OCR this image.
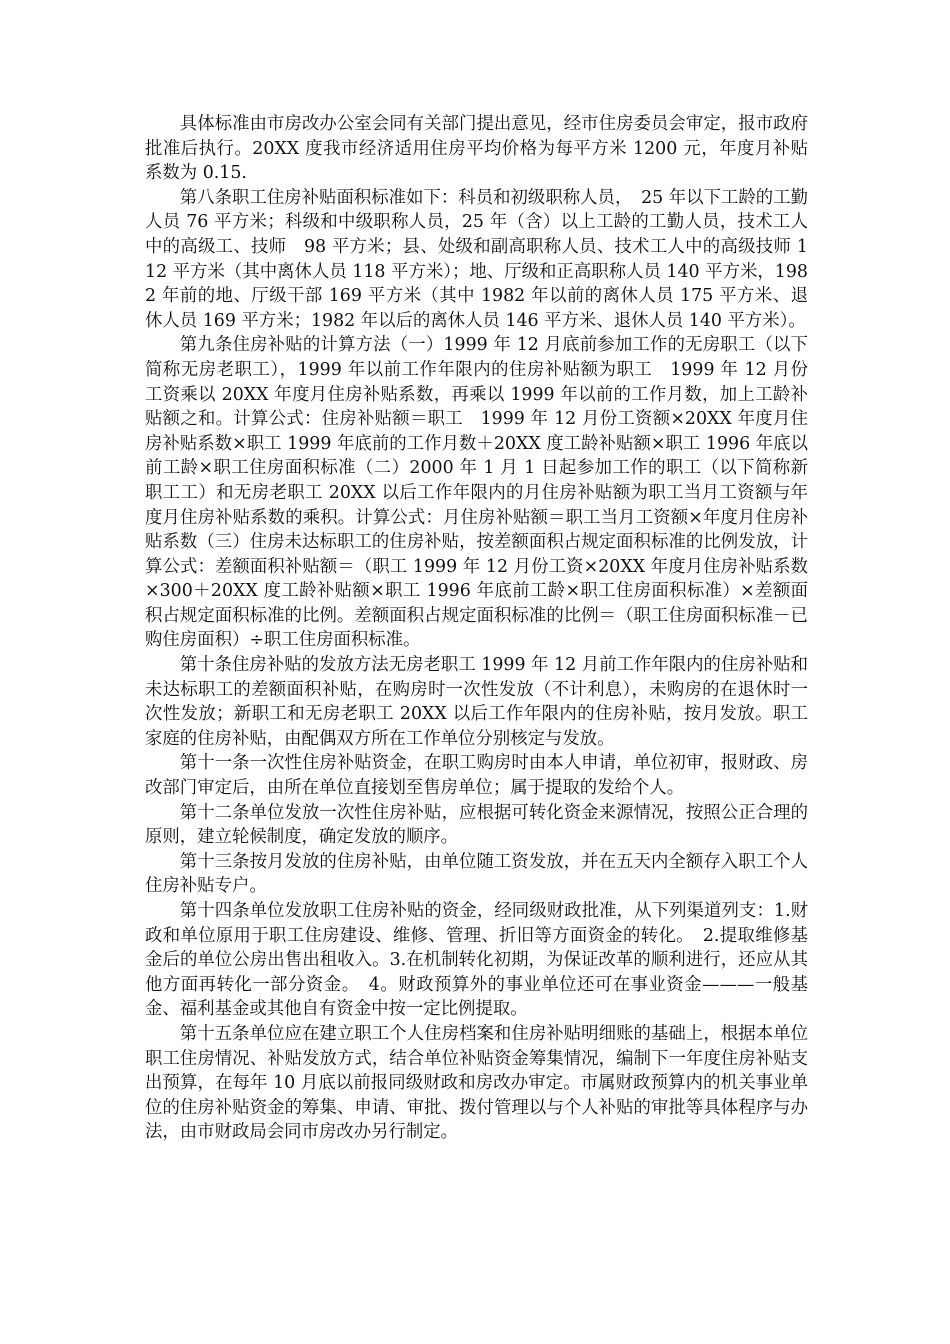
具体标准由市房改办公室会同有关部门提出意见，经市住房委员会审定，报市政府批准后执行。20XX 度我市经济适用住房平均价格为每平方米 1200 元，年度月补贴系数为 0.15.

第八条职工住房补贴面积标准如下：科员和初级职称人员，　25 年以下工龄的工勤人员 76 平方米；科级和中级职称人员，25 年（含）以上工龄的工勤人员，技术工人中的高级工、技师　98 平方米；县、处级和副高职称人员、技术工人中的高级技师 112 平方米（其中离休人员 118 平方米）；地、厅级和正高职称人员 140 平方米，1982 年前的地、厅级干部 169 平方米（其中 1982 年以前的离休人员 175 平方米、退休人员 169 平方米；1982 年以后的离休人员 146 平方米、退休人员 140 平方米）。

第九条住房补贴的计算方法（一）1999 年 12 月底前参加工作的无房职工（以下简称无房老职工），1999 年以前工作年限内的住房补贴额为职工　1999 年 12 月份工资乘以 20XX 年度月住房补贴系数，再乘以 1999 年以前的工作月数，加上工龄补贴额之和。计算公式：住房补贴额＝职工　1999 年 12 月份工资额×20XX 年度月住房补贴系数×职工 1999 年底前的工作月数＋20XX 度工龄补贴额×职工 1996 年底以前工龄×职工住房面积标准（二）2000 年 1 月 1 日起参加工作的职工（以下简称新职工工）和无房老职工 20XX 以后工作年限内的月住房补贴额为职工当月工资额与年度月住房补贴系数的乘积。计算公式：月住房补贴额＝职工当月工资额×年度月住房补贴系数（三）住房未达标职工的住房补贴，按差额面积占规定面积标准的比例发放，计算公式：差额面积补贴额＝（职工 1999 年 12 月份工资×20XX 年度月住房补贴系数×300＋20XX 度工龄补贴额×职工 1996 年底前工龄×职工住房面积标准）×差额面积占规定面积标准的比例。差额面积占规定面积标准的比例＝（职工住房面积标准－已购住房面积）÷职工住房面积标准。

第十条住房补贴的发放方法无房老职工 1999 年 12 月前工作年限内的住房补贴和未达标职工的差额面积补贴，在购房时一次性发放（不计利息），未购房的在退休时一次性发放；新职工和无房老职工 20XX 以后工作年限内的住房补贴，按月发放。职工家庭的住房补贴，由配偶双方所在工作单位分别核定与发放。

第十一条一次性住房补贴资金，在职工购房时由本人申请，单位初审，报财政、房改部门审定后，由所在单位直接划至售房单位；属于提取的发给个人。

第十二条单位发放一次性住房补贴，应根据可转化资金来源情况，按照公正合理的原则，建立轮候制度，确定发放的顺序。

第十三条按月发放的住房补贴，由单位随工资发放，并在五天内全额存入职工个人住房补贴专户。

第十四条单位发放职工住房补贴的资金，经同级财政批准，从下列渠道列支：1.财政和单位原用于职工住房建设、维修、管理、折旧等方面资金的转化。　2.提取维修基金后的单位公房出售出租收入。3.在机制转化初期，为保证改革的顺利进行，还应从其他方面再转化一部分资金。　4。财政预算外的事业单位还可在事业资金———一般基金、福利基金或其他自有资金中按一定比例提取。

第十五条单位应在建立职工个人住房档案和住房补贴明细账的基础上，根据本单位职工住房情况、补贴发放方式，结合单位补贴资金筹集情况，编制下一年度住房补贴支出预算，在每年 10 月底以前报同级财政和房改办审定。市属财政预算内的机关事业单位的住房补贴资金的筹集、申请、审批、拨付管理以与个人补贴的审批等具体程序与办法，由市财政局会同市房改办另行制定。
